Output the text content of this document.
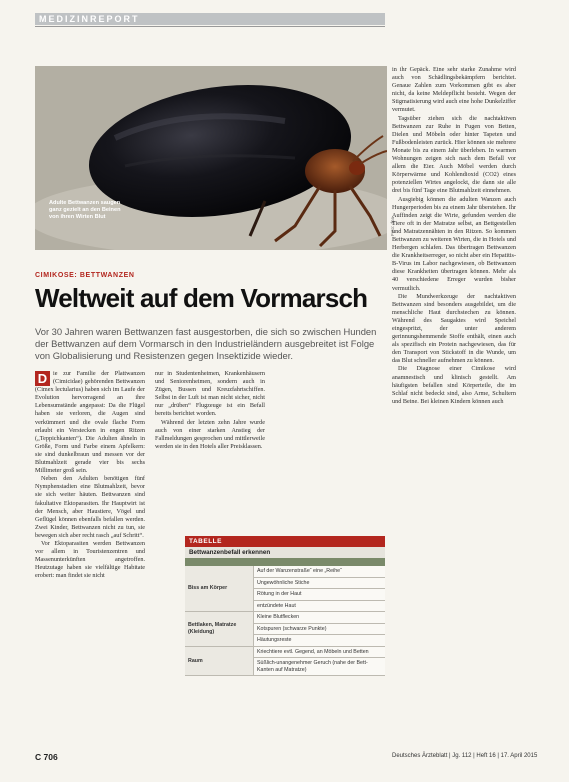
MEDIZINREPORT
Adulte Bettwanzen saugen ganz gezielt an den Beinen von ihren Wirten Blut	Foto: dpa
CIMIKOSE: BETTWANZEN
Weltweit auf dem Vormarsch

Vor 30 Jahren waren Bettwanzen fast ausgestorben, die sich so zwischen Hunden der Bettwanzen auf dem Vormarsch in den Industrieländern ausgebreitet ist Folge von Globalisierung und Resistenzen gegen Insektizide wieder.

D ie zur Familie der Plattwanzen (Cimicidae) gehörenden Bettwanzen (Cimex lectularius) haben sich im Laufe der Evolution hervorragend an ihre Lebensumstände angepasst: Da die Flügel haben sie verloren, die Augen sind verkümmert und die ovale flache Form erlaubt ein Verstecken in engen Ritzen („Teppichkanten“). Die Adulten ähneln in Größe, Form und Farbe einem Apfelkern: sie sind dunkelbraun und messen vor der Blutmahlzeit gerade vier bis sechs Millimeter groß sein.

Neben den Adulten benötigen fünf Nymphenstadien eine Blutmahlzeit, bevor sie sich weiter häuten. Bettwanzen sind fakultative Ektoparasiten. Ihr Hauptwirt ist der Mensch, aber Haustiere, Vögel und Geflügel können ebenfalls befallen werden. Zwei Kinder, Bettwanzen nicht zu tun, sie bewegen sich aber recht rasch „auf Schritt“.

Vor Ektoparasiten werden Bettwanzen vor allem in Touristenzentren und Massenunterkünften angetroffen. Heutzutage haben sie vielfältige Habitate erobert: man findet sie nicht

nur in Studentenheimen, Krankenhäusern und Seniorenheimen, sondern auch in Zügen, Bussen und Kreuzfahrtschiffen. Selbst in der Luft ist man nicht sicher, nicht nur „drüben“ Flugzeuge ist ein Befall bereits berichtet worden.

Während der letzten zehn Jahre wurde auch von einer starken Anstieg der Fallmeldungen gesprochen und mittlerweile werden sie in den Hotels aller Preisklassen.

in ihr Gepäck. Eine sehr starke Zunahme wird auch von Schädlingsbekämpfern berichtet. Genaue Zahlen zum Vorkommen gibt es aber nicht, da keine Meldepflicht besteht. Wegen der Stigmatisierung wird auch eine hohe Dunkelziffer vermutet.

Tagsüber ziehen sich die nachtaktiven Bettwanzen zur Ruhe in Fugen von Betten, Dielen und Möbeln oder hinter Tapeten und Fußbodenleisten zurück. Hier können sie mehrere Monate bis zu einem Jahr überleben. In warmen Wohnungen zeigen sich nach dem Befall vor allem die Eier. Auch Möbel werden durch Körperwärme und Kohlendioxid (CO2) eines potenziellen Wirtes angelockt, die dann sie alle drei bis fünf Tage eine Blutmahlzeit einnehmen.

Ausgiebig können die adulten Wanzen auch Hungerperioden bis zu einem Jahr überstehen. Ihr Auffinden zeigt die Wirte, gefunden werden die Tiere oft in der Matratze selbst, an Bettgestellen und Matratzennähten in den Ritzen. So kommen Bettwanzen zu weiteren Wirten, die in Hotels und Herbergen schlafen. Das übertragen Bettwanzen die Krankheitserreger, so nicht aber ein Hepatitis-B-Virus im Labor nachgewiesen, ob Bettwanzen diese Krankheiten übertragen können. Mehr als 40 verschiedene Erreger wurden bisher vermutlich.

Die Mundwerkzeuge der nachtaktiven Bettwanzen sind besonders ausgebildet, um die menschliche Haut durchstechen zu können. Während des Saugaktes wird Speichel eingespritzt, der unter anderem gerinnungshemmende Stoffe enthält, einen auch als spezifisch ein Protein nachgewiesen, das für den Transport von Stickstoff in die Wunde, um das Blut schneller aufnehmen zu können.

Die Diagnose einer Cimikose wird anamnestisch und klinisch gestellt. Am häufigsten befallen sind Körperteile, die im Schlaf nicht bedeckt sind, also Arme, Schultern und Beine. Bei kleinen Kindern können auch

TABELLE
Bettwanzenbefall erkennen
Biss am Körper	Auf der Wanzenstraße“ eine „Reihe“
	Ungewöhnliche Stiche
	Rötung in der Haut
	entzündete Haut
Bettlaken, Matratze (Kleidung)	Kleine Blutflecken
	Kotspuren (schwarze Punkte)
	Häutungsreste
Raum	Kriechtiere evtl. Gegend, an Möbeln und Betten
	Süßlich-unangenehmer Geruch (nahe der Bett-Kanten auf Matratze)
C 706	Deutsches Ärzteblatt | Jg. 112 | Heft 16 | 17. April 2015
